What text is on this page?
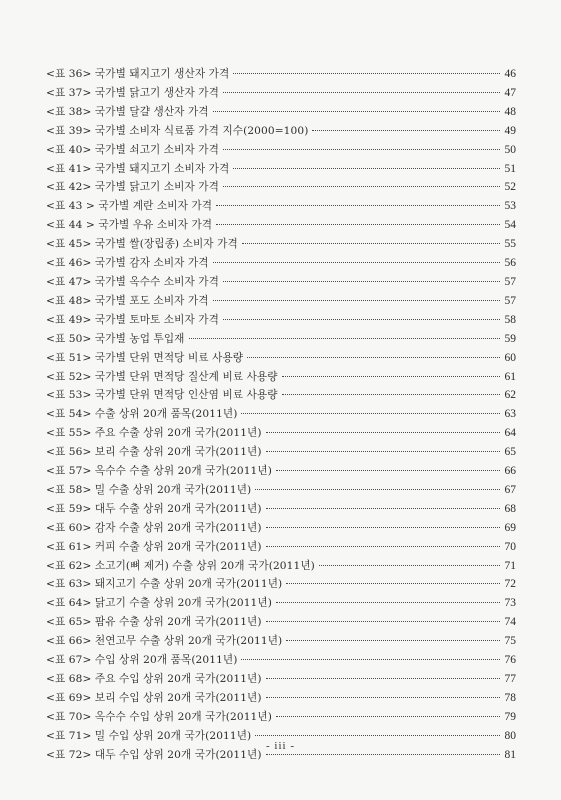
<표 36> 국가별 돼지고기 생산자 가격	46
<표 37> 국가별 닭고기 생산자 가격	47
<표 38> 국가별 달걀 생산자 가격	48
<표 39> 국가별 소비자 식료품 가격 지수(2000=100)	49
<표 40> 국가별 쇠고기 소비자 가격	50
<표 41> 국가별 돼지고기 소비자 가격	51
<표 42> 국가별 닭고기 소비자 가격	52
<표 43 > 국가별 계란 소비자 가격	53
<표 44 > 국가별 우유 소비자 가격	54
<표 45> 국가별 쌀(장립종) 소비자 가격	55
<표 46> 국가별 감자 소비자 가격	56
<표 47> 국가별 옥수수 소비자 가격	57
<표 48> 국가별 포도 소비자 가격	57
<표 49> 국가별 토마토 소비자 가격	58
<표 50> 국가별 농업 투입재	59
<표 51> 국가별 단위 면적당 비료 사용량	60
<표 52> 국가별 단위 면적당 질산계 비료 사용량	61
<표 53> 국가별 단위 면적당 인산염 비료 사용량	62
<표 54> 수출 상위 20개 품목(2011년)	63
<표 55> 주요 수출 상위 20개 국가(2011년)	64
<표 56> 보리 수출 상위 20개 국가(2011년)	65
<표 57> 옥수수 수출 상위 20개 국가(2011년)	66
<표 58> 밀 수출 상위 20개 국가(2011년)	67
<표 59> 대두 수출 상위 20개 국가(2011년)	68
<표 60> 감자 수출 상위 20개 국가(2011년)	69
<표 61> 커피 수출 상위 20개 국가(2011년)	70
<표 62> 소고기(뼈 제거) 수출 상위 20개 국가(2011년)	71
<표 63> 돼지고기 수출 상위 20개 국가(2011년)	72
<표 64> 닭고기 수출 상위 20개 국가(2011년)	73
<표 65> 팜유 수출 상위 20개 국가(2011년)	74
<표 66> 천연고무 수출 상위 20개 국가(2011년)	75
<표 67> 수입 상위 20개 품목(2011년)	76
<표 68> 주요 수입 상위 20개 국가(2011년)	77
<표 69> 보리 수입 상위 20개 국가(2011년)	78
<표 70> 옥수수 수입 상위 20개 국가(2011년)	79
<표 71> 밀 수입 상위 20개 국가(2011년)	80
<표 72> 대두 수입 상위 20개 국가(2011년)	81
- iii -
